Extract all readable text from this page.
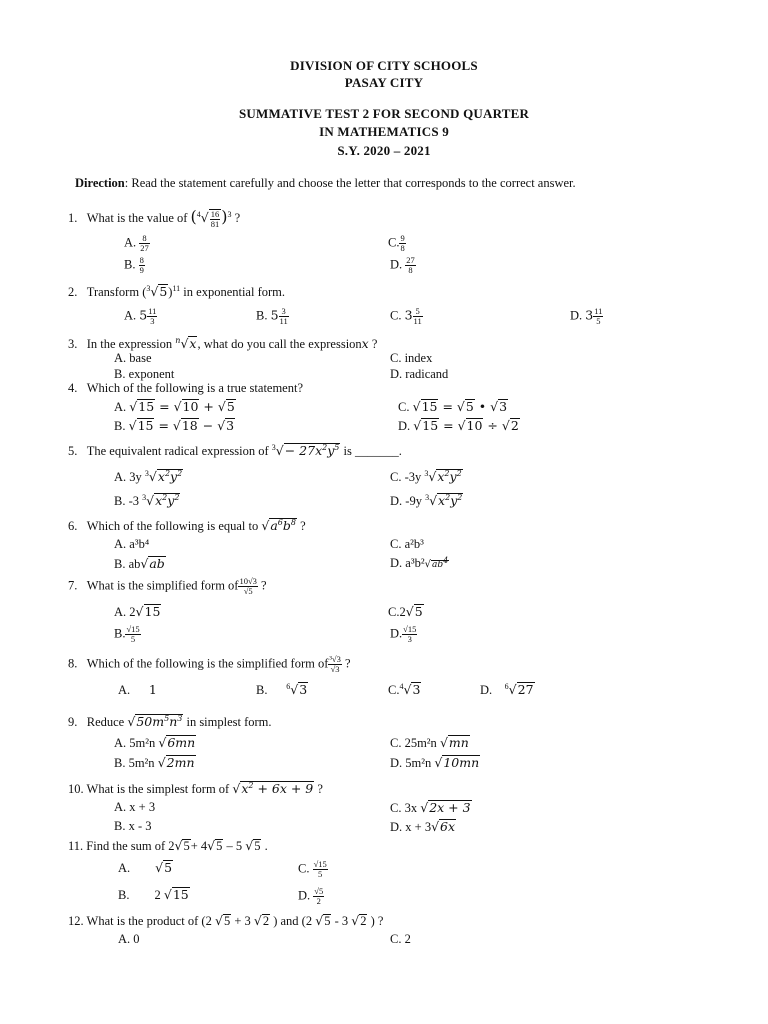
DIVISION OF CITY SCHOOLS
PASAY CITY
SUMMATIVE TEST 2 FOR SECOND QUARTER
IN MATHEMATICS 9
S.Y. 2020 – 2021
Direction: Read the statement carefully and choose the letter that corresponds to the correct answer.
1. What is the value of $(^4√ \frac{16}{81} )^3$ ?
A. $\frac{8}{27}$	C. $\frac{9}{8}$
B. $\frac{8}{9}$	D. $\frac{27}{8}$
2. Transform $(^3√5)^{11}$ in exponential form.
A. $5 \frac{11}{3}$	B. $5 \frac{3}{11}$	C. $3 \frac{5}{11}$	D. $3 \frac{11}{5}$
3. In the expression $^n$√x, what do you call the expressionx ?
A. base	C. index
B. exponent	D. radicand
4. Which of the following is a true statement?
A. √15 = √10 + √5	C. √15 = √5 • √3
B. √15 = √18 − √3	D. √15 = √10 ÷ √2
5. The equivalent radical expression of $^3√- 27x^2y^5$ is _______.
A. 3y $^3√x^2y^2$	C. -3y $^3√x^2y^2$
B. -3 $^3√x^2y^2$	D. -9y $^3√x^2y^2$
6. Which of the following is equal to $√a^6b^8$ ?
A. a³b⁴	C. a²b³
B. ab√ab	D. $a^3b^2√ab^4$
7. What is the simplified form of $\frac{10√3}{√5}$ ?
A. 2√15	C.2√5
B. $\frac{√15}{5}$	D. $\frac{√15}{3}$
8. Which of the following is the simplified form of $\frac{\text{³√3}}{√3}$ ?
A. 1	B. $^6$√3	C.$^4$√3	D. $^6$√27
9. Reduce $√50m^5n^3$ in simplest form.
A. 5m²n √6mn	C. 25m²n √mn
B. 5m²n √2mn	D. 5m²n √10mn
10. What is the simplest form of $√x^2 + 6x + 9$ ?
A. x + 3	C. 3x √2x + 3
B. x - 3	D. x + 3√6x
11. Find the sum of 2√5+ 4√5 – 5 √5 .
A. √5	C. $\frac{√15}{5}$
B.        2 √15	D. $\frac{√5}{2}$
12. What is the product of (2 √5 + 3 √2 ) and (2 √5 - 3 √2 ) ?
A. 0	C. 2
